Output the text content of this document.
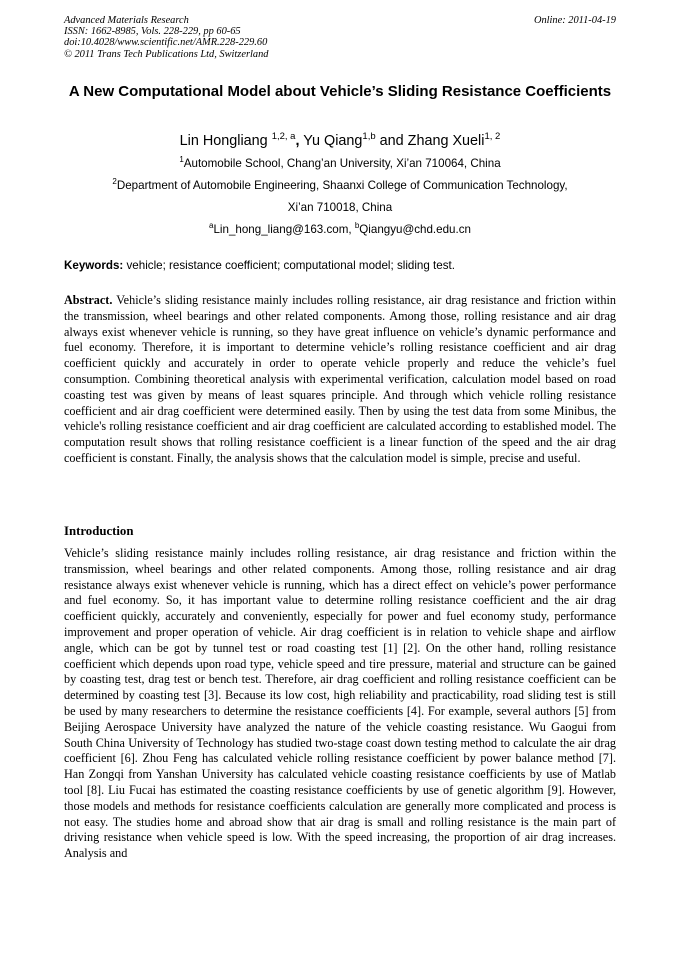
Advanced Materials Research
ISSN: 1662-8985, Vols. 228-229, pp 60-65
doi:10.4028/www.scientific.net/AMR.228-229.60
© 2011 Trans Tech Publications Ltd, Switzerland
Online: 2011-04-19
A New Computational Model about Vehicle’s Sliding Resistance Coefficients
Lin Hongliang $^{1,2, a}$, Yu Qiang$^{1,b}$ and Zhang Xueli$^{1, 2}$
$^1$Automobile School, Chang’an University, Xi’an 710064, China
$^2$Department of Automobile Engineering, Shaanxi College of Communication Technology,
Xi’an 710018, China
$^a$Lin_hong_liang@163.com, $^b$Qiangyu@chd.edu.cn
Keywords: vehicle; resistance coefficient; computational model; sliding test.
Abstract. Vehicle’s sliding resistance mainly includes rolling resistance, air drag resistance and friction within the transmission, wheel bearings and other related components. Among those, rolling resistance and air drag always exist whenever vehicle is running, so they have great influence on vehicle’s dynamic performance and fuel economy. Therefore, it is important to determine vehicle’s rolling resistance coefficient and air drag coefficient quickly and accurately in order to operate vehicle properly and reduce the vehicle’s fuel consumption. Combining theoretical analysis with experimental verification, calculation model based on road coasting test was given by means of least squares principle. And through which vehicle rolling resistance coefficient and air drag coefficient were determined easily. Then by using the test data from some Minibus, the vehicle's rolling resistance coefficient and air drag coefficient are calculated according to established model. The computation result shows that rolling resistance coefficient is a linear function of the speed and the air drag coefficient is constant. Finally, the analysis shows that the calculation model is simple, precise and useful.
Introduction
Vehicle’s sliding resistance mainly includes rolling resistance, air drag resistance and friction within the transmission, wheel bearings and other related components. Among those, rolling resistance and air drag resistance always exist whenever vehicle is running, which has a direct effect on vehicle’s power performance and fuel economy. So, it has important value to determine rolling resistance coefficient and the air drag coefficient quickly, accurately and conveniently, especially for power and fuel economy study, performance improvement and proper operation of vehicle. Air drag coefficient is in relation to vehicle shape and airflow angle, which can be got by tunnel test or road coasting test [1] [2]. On the other hand, rolling resistance coefficient which depends upon road type, vehicle speed and tire pressure, material and structure can be gained by coasting test, drag test or bench test. Therefore, air drag coefficient and rolling resistance coefficient can be determined by coasting test [3]. Because its low cost, high reliability and practicability, road sliding test is still be used by many researchers to determine the resistance coefficients [4]. For example, several authors [5] from Beijing Aerospace University have analyzed the nature of the vehicle coasting resistance. Wu Gaogui from South China University of Technology has studied two-stage coast down testing method to calculate the air drag coefficient [6]. Zhou Feng has calculated vehicle rolling resistance coefficient by power balance method [7]. Han Zongqi from Yanshan University has calculated vehicle coasting resistance coefficients by use of Matlab tool [8]. Liu Fucai has estimated the coasting resistance coefficients by use of genetic algorithm [9]. However, those models and methods for resistance coefficients calculation are generally more complicated and process is not easy. The studies home and abroad show that air drag is small and rolling resistance is the main part of driving resistance when vehicle speed is low. With the speed increasing, the proportion of air drag increases. Analysis and
